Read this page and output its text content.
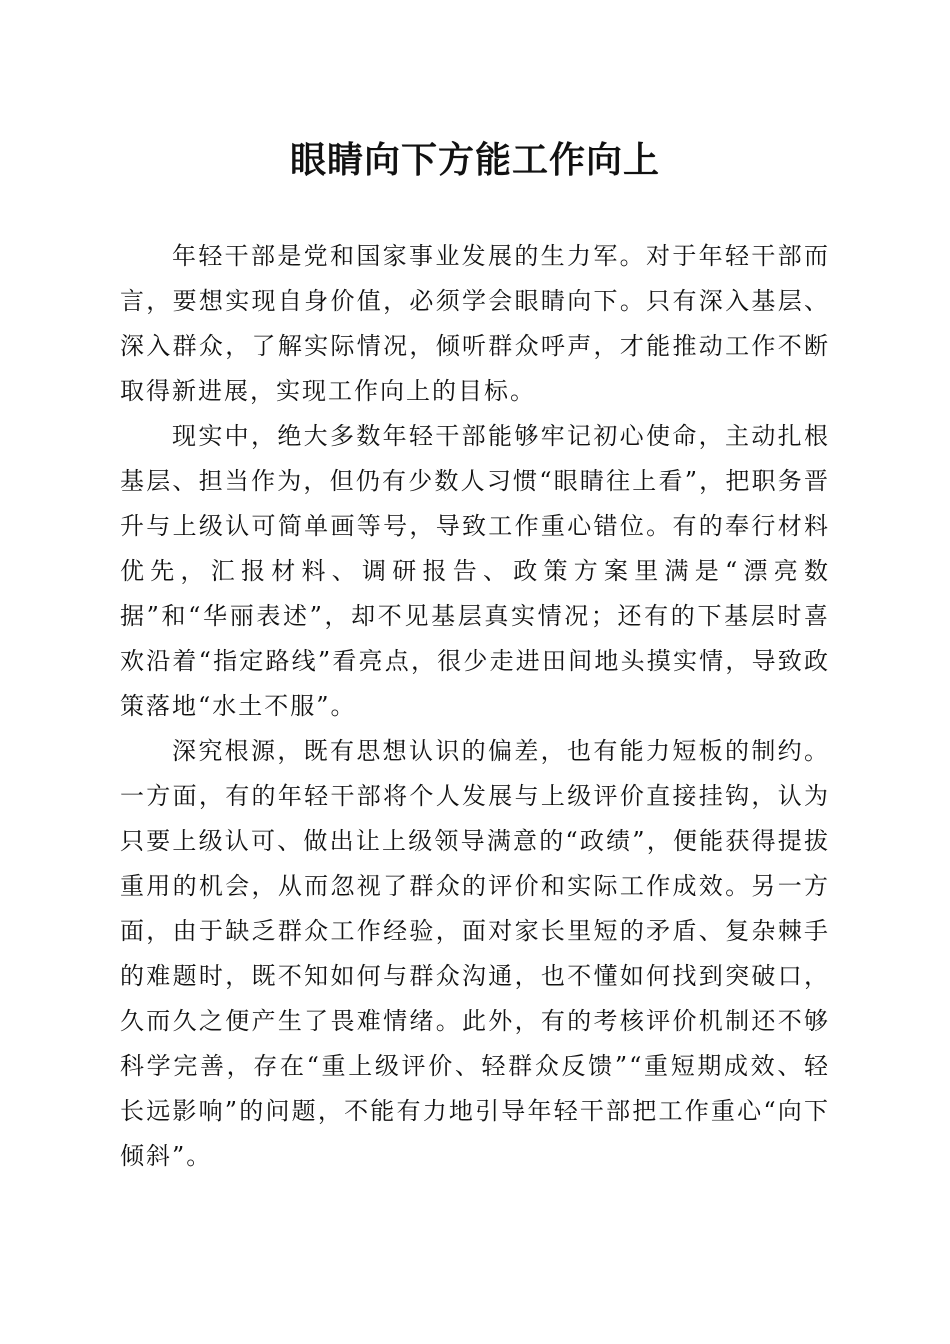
眼睛向下方能工作向上

年轻干部是党和国家事业发展的生力军。对于年轻干部而言，要想实现自身价值，必须学会眼睛向下。只有深入基层、深入群众，了解实际情况，倾听群众呼声，才能推动工作不断取得新进展，实现工作向上的目标。

现实中，绝大多数年轻干部能够牢记初心使命，主动扎根基层、担当作为，但仍有少数人习惯“眼睛往上看”，把职务晋升与上级认可简单画等号，导致工作重心错位。有的奉行材料优先，汇报材料、调研报告、政策方案里满是“漂亮数据”和“华丽表述”，却不见基层真实情况；还有的下基层时喜欢沿着“指定路线”看亮点，很少走进田间地头摸实情，导致政策落地“水土不服”。

深究根源，既有思想认识的偏差，也有能力短板的制约。一方面，有的年轻干部将个人发展与上级评价直接挂钩，认为只要上级认可、做出让上级领导满意的“政绩”，便能获得提拔重用的机会，从而忽视了群众的评价和实际工作成效。另一方面，由于缺乏群众工作经验，面对家长里短的矛盾、复杂棘手的难题时，既不知如何与群众沟通，也不懂如何找到突破口，久而久之便产生了畏难情绪。此外，有的考核评价机制还不够科学完善，存在“重上级评价、轻群众反馈”“重短期成效、轻长远影响”的问题，不能有力地引导年轻干部把工作重心“向下倾斜”。
